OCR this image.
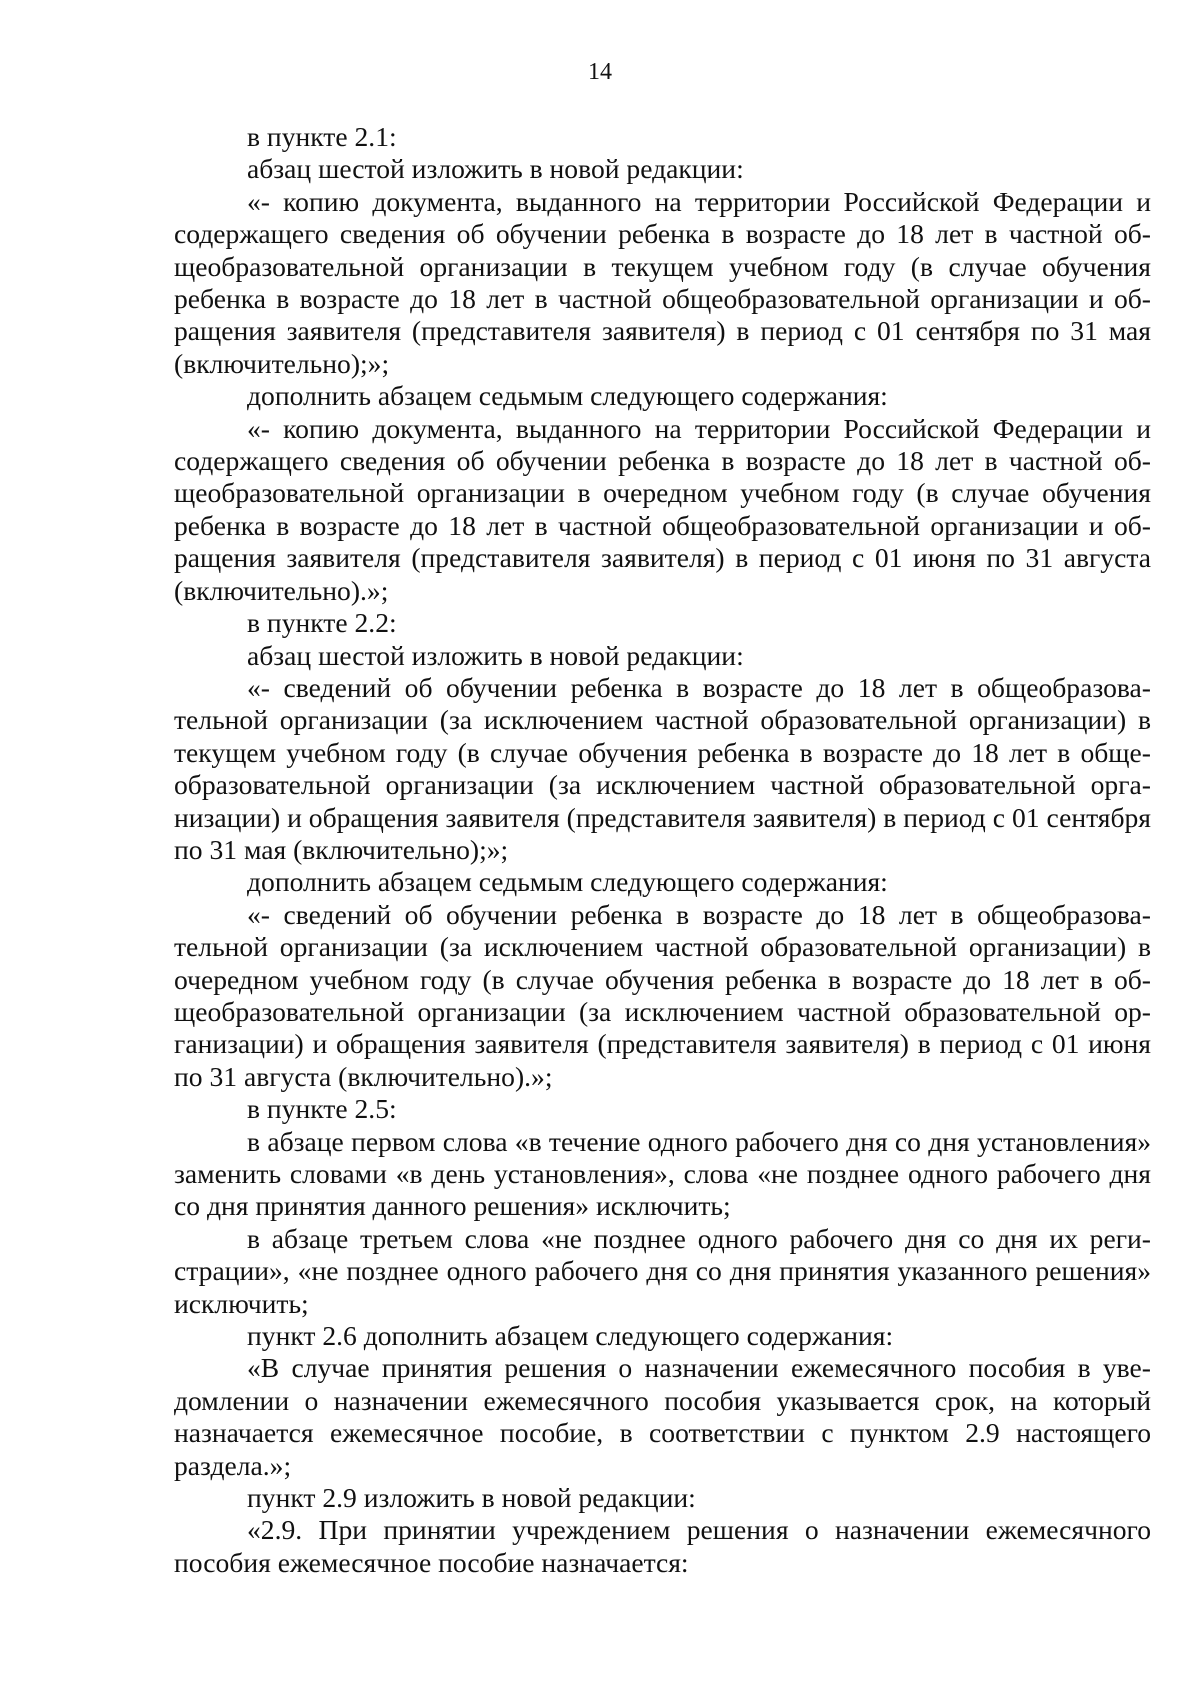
14

в пункте 2.1:

абзац шестой изложить в новой редакции:

«- копию документа, выданного на территории Российской Федерации и содержащего сведения об обучении ребенка в возрасте до 18 лет в частной общеобразовательной организации в текущем учебном году (в случае обучения ребенка в возрасте до 18 лет в частной общеобразовательной организации и обращения заявителя (представителя заявителя) в период с 01 сентября по 31 мая (включительно);»;

дополнить абзацем седьмым следующего содержания:

«- копию документа, выданного на территории Российской Федерации и содержащего сведения об обучении ребенка в возрасте до 18 лет в частной общеобразовательной организации в очередном учебном году (в случае обучения ребенка в возрасте до 18 лет в частной общеобразовательной организации и обращения заявителя (представителя заявителя) в период с 01 июня по 31 августа (включительно).»;

в пункте 2.2:

абзац шестой изложить в новой редакции:

«- сведений об обучении ребенка в возрасте до 18 лет в общеобразовательной организации (за исключением частной образовательной организации) в текущем учебном году (в случае обучения ребенка в возрасте до 18 лет в общеобразовательной организации (за исключением частной образовательной организации) и обращения заявителя (представителя заявителя) в период с 01 сентября по 31 мая (включительно);»;

дополнить абзацем седьмым следующего содержания:

«- сведений об обучении ребенка в возрасте до 18 лет в общеобразовательной организации (за исключением частной образовательной организации) в очередном учебном году (в случае обучения ребенка в возрасте до 18 лет в общеобразовательной организации (за исключением частной образовательной организации) и обращения заявителя (представителя заявителя) в период с 01 июня по 31 августа (включительно).»;

в пункте 2.5:

в абзаце первом слова «в течение одного рабочего дня со дня установления» заменить словами «в день установления», слова «не позднее одного рабочего дня со дня принятия данного решения» исключить;

в абзаце третьем слова «не позднее одного рабочего дня со дня их регистрации», «не позднее одного рабочего дня со дня принятия указанного решения» исключить;

пункт 2.6 дополнить абзацем следующего содержания:

«В случае принятия решения о назначении ежемесячного пособия в уведомлении о назначении ежемесячного пособия указывается срок, на который назначается ежемесячное пособие, в соответствии с пунктом 2.9 настоящего раздела.»;

пункт 2.9 изложить в новой редакции:

«2.9. При принятии учреждением решения о назначении ежемесячного пособия ежемесячное пособие назначается:
